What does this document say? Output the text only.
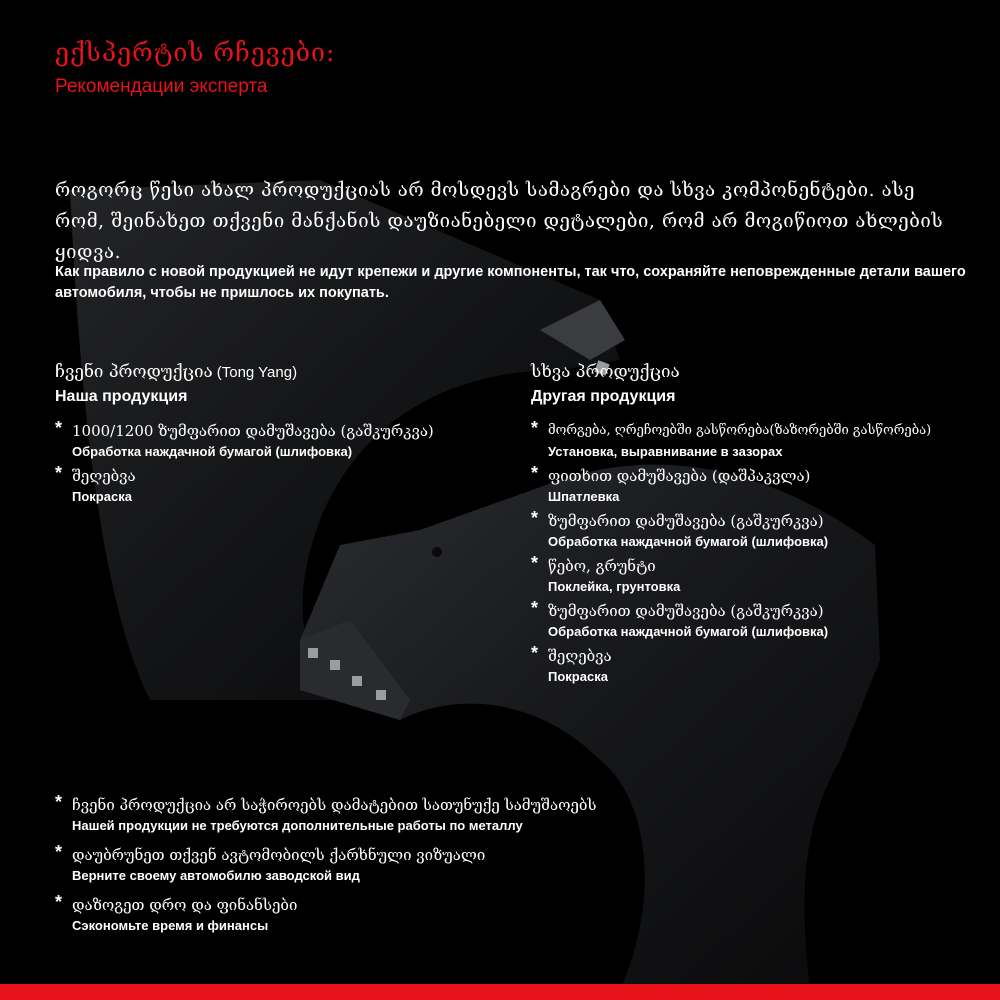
ექსპერტის რჩევები:
Рекомендации эксперта
როგორც წესი ახალ პროდუქციას არ მოსდევს სამაგრები და სხვა კომპონენტები. ასე რომ, შეინახეთ თქვენი მანქანის დაუზიანებელი დეტალები, რომ არ მოგიწიოთ ახლების ყიდვა.
Как правило с новой продукцией не идут крепежи и другие компоненты, так что, сохраняйте неповрежденные детали вашего автомобиля, чтобы не пришлось их покупать.
ჩვენი პროდუქცია (Tong Yang)
Наша продукция
* 1000/1200 ზუმფარით დამუშავება (გაშკურკვა)
Обработка наждачной бумагой (шлифовка)
* შეღებვა
Покраска
სხვა პროდუქცია
Другая продукция
* მორგება, ღრეჩოებში გასწორება(ზაზორებში გასწორება)
Установка, выравнивание в зазорах
* ფითხით დამუშავება (დაშპაკვლა)
Шпатлевка
* ზუმფარით დამუშავება (გაშკურკვა)
Обработка наждачной бумагой (шлифовка)
* წებო, გრუნტი
Поклейка, грунтовка
* ზუმფარით დამუშავება (გაშკურკვა)
Обработка наждачной бумагой (шлифовка)
* შეღებვა
Покраска
* ჩვენი პროდუქცია არ საჭიროებს დამატებით სათუნუქე სამუშაოებს
Нашей продукции не требуются дополнительные работы по металлу
* დაუბრუნეთ თქვენ ავტომობილს ქარხნული ვიზუალი
Верните своему автомобилю заводской вид
* დაზოგეთ დრო და ფინანსები
Сэкономьте время и финансы
